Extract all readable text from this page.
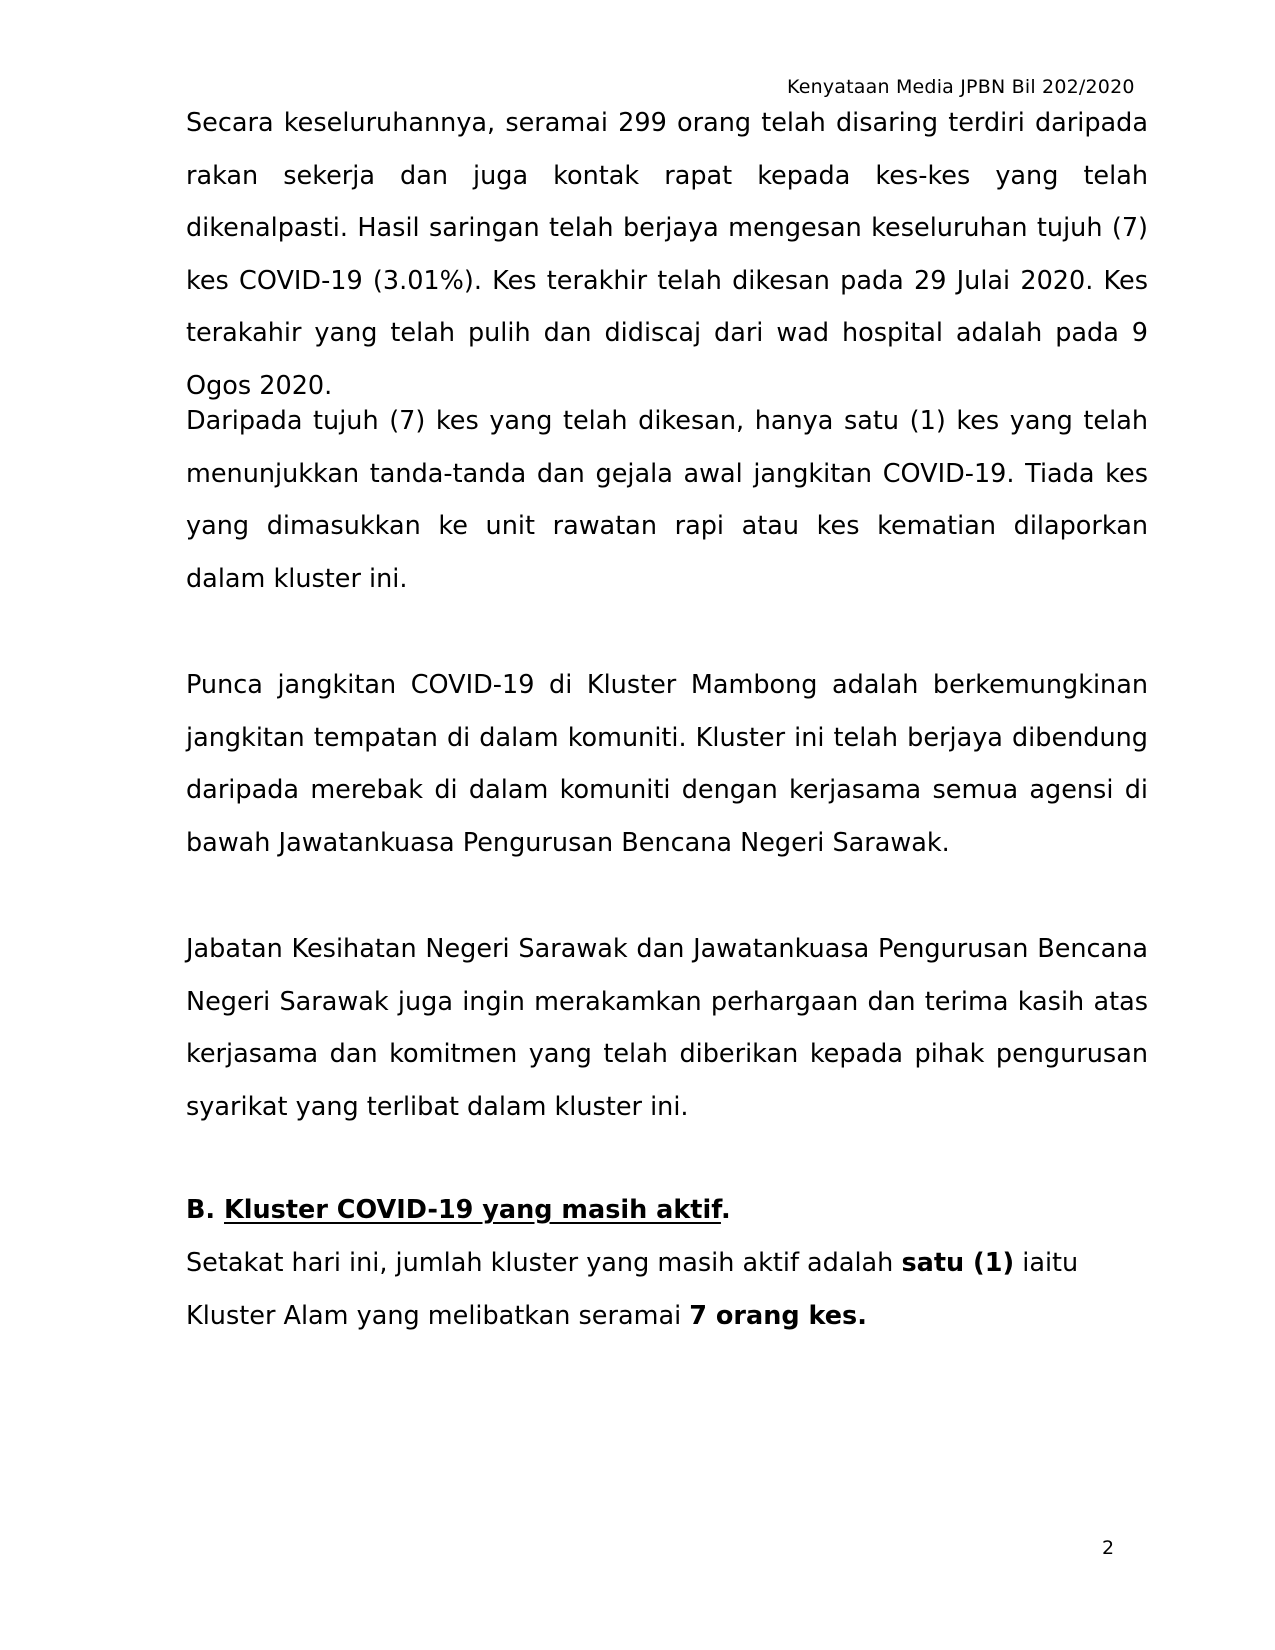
Kenyataan Media JPBN Bil 202/2020

Secara keseluruhannya, seramai 299 orang telah disaring terdiri daripada rakan sekerja dan juga kontak rapat kepada kes-kes yang telah dikenalpasti. Hasil saringan telah berjaya mengesan keseluruhan tujuh (7) kes COVID-19 (3.01%). Kes terakhir telah dikesan pada 29 Julai 2020. Kes terakahir yang telah pulih dan didiscaj dari wad hospital adalah pada 9 Ogos 2020.

Daripada tujuh (7) kes yang telah dikesan, hanya satu (1) kes yang telah menunjukkan tanda-tanda dan gejala awal jangkitan COVID-19. Tiada kes yang dimasukkan ke unit rawatan rapi atau kes kematian dilaporkan dalam kluster ini.

Punca jangkitan COVID-19 di Kluster Mambong adalah berkemungkinan jangkitan tempatan di dalam komuniti. Kluster ini telah berjaya dibendung daripada merebak di dalam komuniti dengan kerjasama semua agensi di bawah Jawatankuasa Pengurusan Bencana Negeri Sarawak.

Jabatan Kesihatan Negeri Sarawak dan Jawatankuasa Pengurusan Bencana Negeri Sarawak juga ingin merakamkan perhargaan dan terima kasih atas kerjasama dan komitmen yang telah diberikan kepada pihak pengurusan syarikat yang terlibat dalam kluster ini.

B. Kluster COVID-19 yang masih aktif.

Setakat hari ini, jumlah kluster yang masih aktif adalah satu (1) iaitu Kluster Alam yang melibatkan seramai 7 orang kes.

2
